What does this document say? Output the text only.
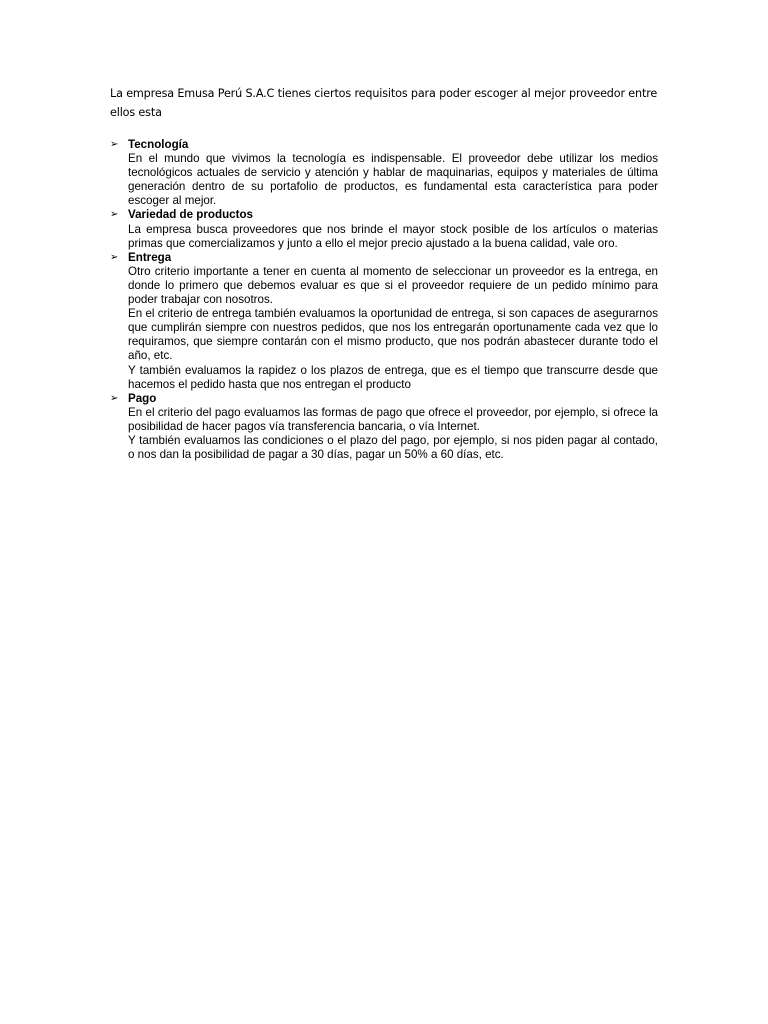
La empresa Emusa Perú S.A.C tienes ciertos requisitos para poder escoger al mejor proveedor entre ellos esta

➢ Tecnología
En el mundo que vivimos la tecnología es indispensable. El proveedor debe utilizar los medios tecnológicos actuales de servicio y atención y hablar de maquinarias, equipos y materiales de última generación dentro de su portafolio de productos, es fundamental esta característica para poder escoger al mejor.
➢ Variedad de productos
La empresa busca proveedores que nos brinde el mayor stock posible de los artículos o materias primas que comercializamos y junto a ello el mejor precio ajustado a la buena calidad, vale oro.
➢ Entrega
Otro criterio importante a tener en cuenta al momento de seleccionar un proveedor es la entrega, en donde lo primero que debemos evaluar es que si el proveedor requiere de un pedido mínimo para poder trabajar con nosotros.
En el criterio de entrega también evaluamos la oportunidad de entrega, si son capaces de asegurarnos que cumplirán siempre con nuestros pedidos, que nos los entregarán oportunamente cada vez que lo requiramos, que siempre contarán con el mismo producto, que nos podrán abastecer durante todo el año, etc.
Y también evaluamos la rapidez o los plazos de entrega, que es el tiempo que transcurre desde que hacemos el pedido hasta que nos entregan el producto
➢ Pago
En el criterio del pago evaluamos las formas de pago que ofrece el proveedor, por ejemplo, si ofrece la posibilidad de hacer pagos vía transferencia bancaria, o vía Internet.
Y también evaluamos las condiciones o el plazo del pago, por ejemplo, si nos piden pagar al contado, o nos dan la posibilidad de pagar a 30 días, pagar un 50% a 60 días, etc.
